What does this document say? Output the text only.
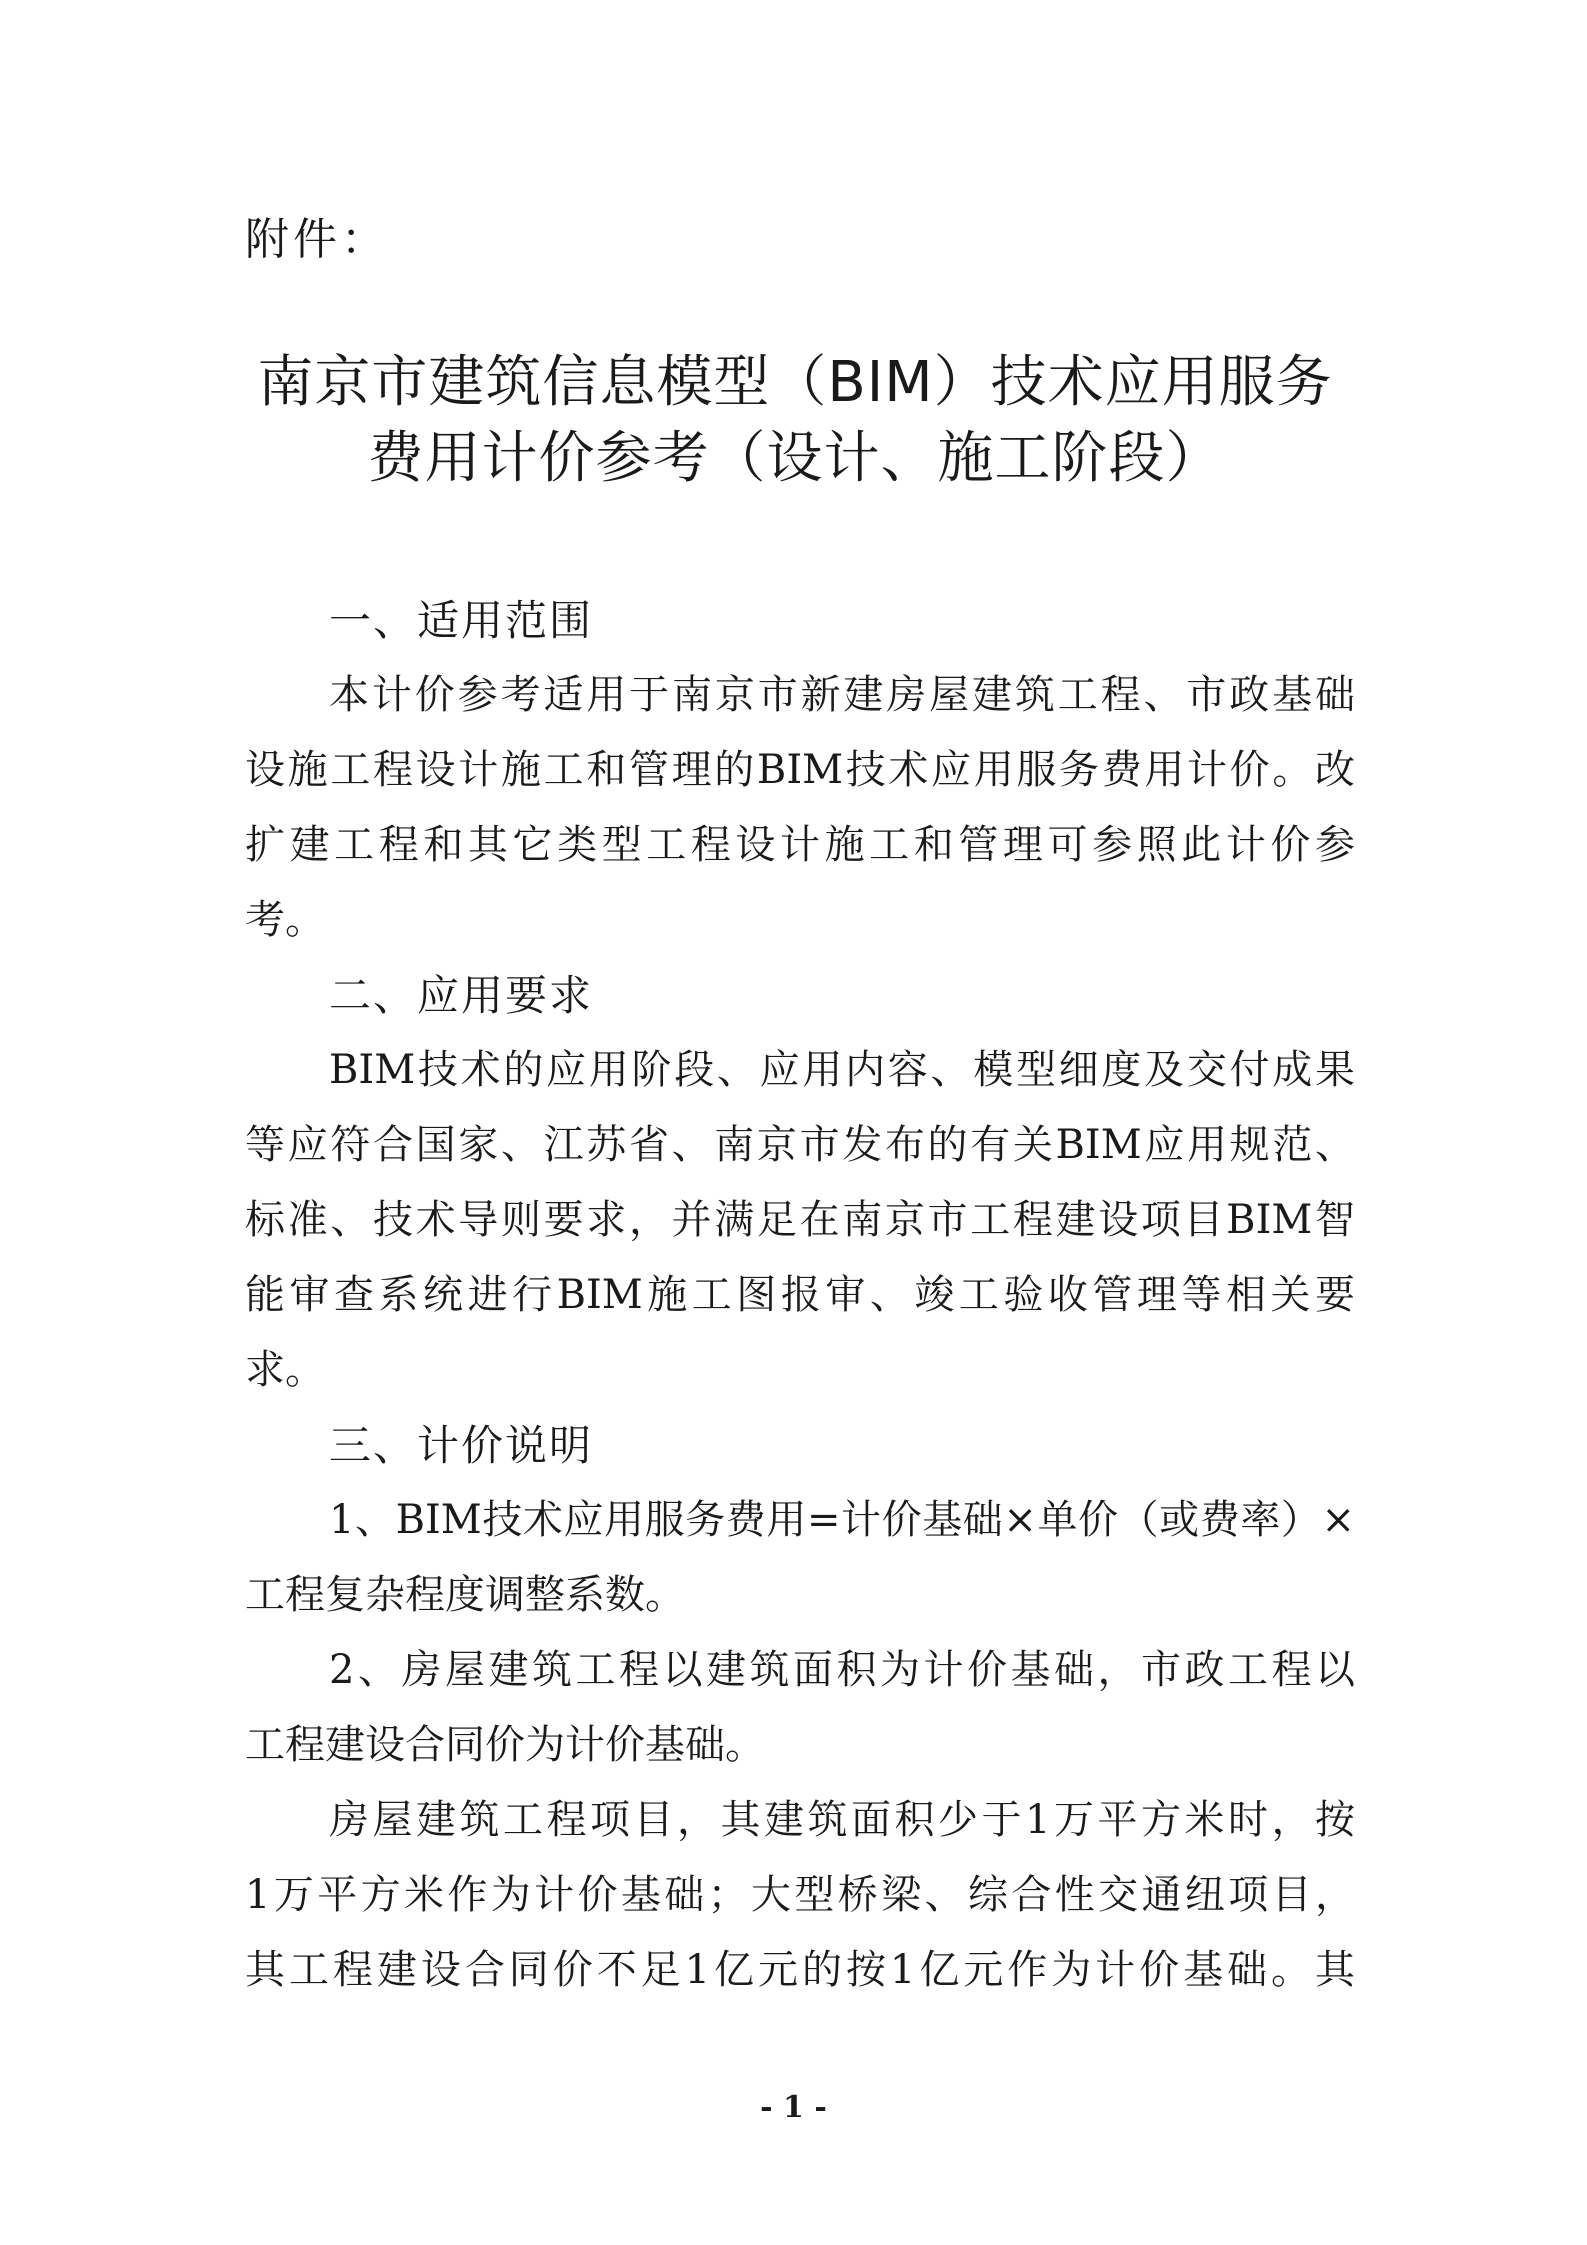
附件：
南京市建筑信息模型（BIM）技术应用服务
费用计价参考（设计、施工阶段）
一、适用范围
本计价参考适用于南京市新建房屋建筑工程、市政基础
设施工程设计施工和管理的BIM技术应用服务费用计价。改
扩建工程和其它类型工程设计施工和管理可参照此计价参
考。
二、应用要求
BIM技术的应用阶段、应用内容、模型细度及交付成果
等应符合国家、江苏省、南京市发布的有关BIM应用规范、
标准、技术导则要求，并满足在南京市工程建设项目BIM智
能审查系统进行BIM施工图报审、竣工验收管理等相关要
求。
三、计价说明
1、BIM技术应用服务费用=计价基础×单价（或费率）×
工程复杂程度调整系数。
2、房屋建筑工程以建筑面积为计价基础，市政工程以
工程建设合同价为计价基础。
房屋建筑工程项目，其建筑面积少于1万平方米时，按
1万平方米作为计价基础；大型桥梁、综合性交通纽项目，
其工程建设合同价不足1亿元的按1亿元作为计价基础。其
- 1 -
